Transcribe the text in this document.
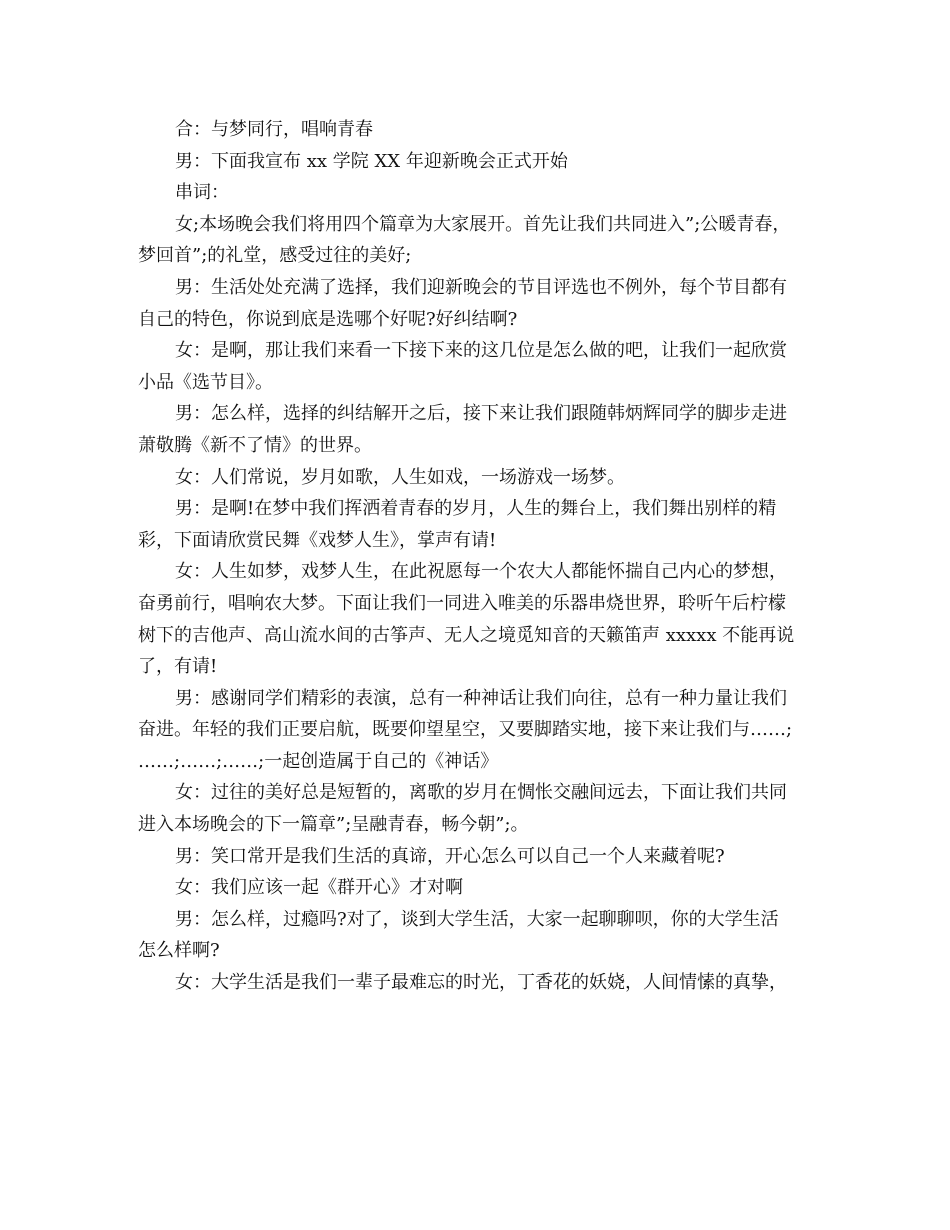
合：与梦同行，唱响青春
男：下面我宣布 xx 学院 XX 年迎新晚会正式开始
串词：
女;本场晚会我们将用四个篇章为大家展开。首先让我们共同进入”;公暖青春，
梦回首”;的礼堂，感受过往的美好;
男：生活处处充满了选择，我们迎新晚会的节目评选也不例外，每个节目都有
自己的特色，你说到底是选哪个好呢?好纠结啊?
女：是啊，那让我们来看一下接下来的这几位是怎么做的吧，让我们一起欣赏
小品《选节目》。
男：怎么样，选择的纠结解开之后，接下来让我们跟随韩炳辉同学的脚步走进
萧敬腾《新不了情》的世界。
女：人们常说，岁月如歌，人生如戏，一场游戏一场梦。
男：是啊!在梦中我们挥洒着青春的岁月，人生的舞台上，我们舞出别样的精
彩，下面请欣赏民舞《戏梦人生》，掌声有请!
女：人生如梦，戏梦人生，在此祝愿每一个农大人都能怀揣自己内心的梦想，
奋勇前行，唱响农大梦。下面让我们一同进入唯美的乐器串烧世界，聆听午后柠檬
树下的吉他声、高山流水间的古筝声、无人之境觅知音的天籁笛声 xxxxx 不能再说
了，有请!
男：感谢同学们精彩的表演，总有一种神话让我们向往，总有一种力量让我们
奋进。年轻的我们正要启航，既要仰望星空，又要脚踏实地，接下来让我们与……;
……;……;……;一起创造属于自己的《神话》
女：过往的美好总是短暂的，离歌的岁月在惆怅交融间远去，下面让我们共同
进入本场晚会的下一篇章”;呈融青春，畅今朝”;。
男：笑口常开是我们生活的真谛，开心怎么可以自己一个人来藏着呢?
女：我们应该一起《群开心》才对啊
男：怎么样，过瘾吗?对了，谈到大学生活，大家一起聊聊呗，你的大学生活
怎么样啊?
女：大学生活是我们一辈子最难忘的时光，丁香花的妖娆，人间情愫的真挚，
